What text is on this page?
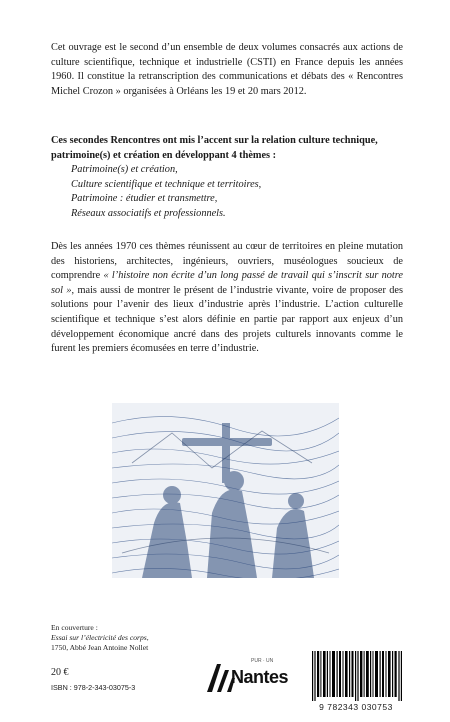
Cet ouvrage est le second d’un ensemble de deux volumes consacrés aux actions de culture scientifique, technique et industrielle (CSTI) en France depuis les années 1960. Il constitue la retranscription des communications et débats des « Rencontres Michel Crozon » organisées à Orléans les 19 et 20 mars 2012.

Ces secondes Rencontres ont mis l’accent sur la relation culture technique, patrimoine(s) et création en développant 4 thèmes :
Patrimoine(s) et création,
Culture scientifique et technique et territoires,
Patrimoine : étudier et transmettre,
Réseaux associatifs et professionnels.

Dès les années 1970 ces thèmes réunissent au cœur de territoires en pleine mutation des historiens, architectes, ingénieurs, ouvriers, muséologues soucieux de comprendre « l’histoire non écrite d’un long passé de travail qui s’inscrit sur notre sol », mais aussi de montrer le présent de l’industrie vivante, voire de proposer des solutions pour l’avenir des lieux d’industrie après l’industrie. L’action culturelle scientifique et technique s’est alors définie en partie par rapport aux enjeux d’un développement économique ancré dans des projets culturels innovants comme le furent les premiers écomusées en terre d’industrie.

En couverture :
Essai sur l’électricité des corps,
1750, Abbé Jean Antoine Nollet

20 €

ISBN : 978-2-343-03075-3

PUR · UN
Nantes
9 782343 030753
